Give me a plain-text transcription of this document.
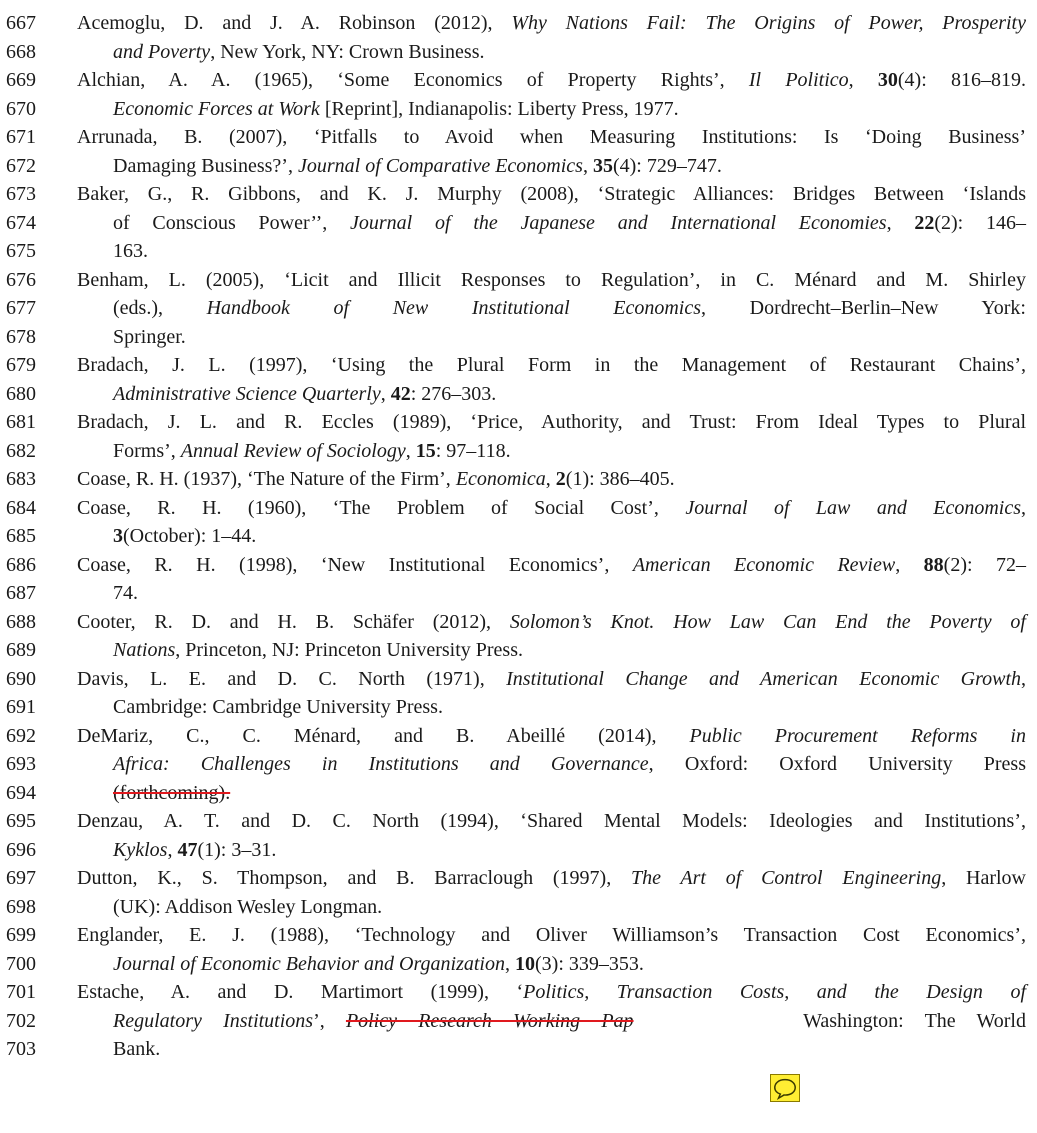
667	Acemoglu, D. and J. A. Robinson (2012), Why Nations Fail: The Origins of Power, Prosperity
668	and Poverty, New York, NY: Crown Business.
669	Alchian, A. A. (1965), ‘Some Economics of Property Rights’, Il Politico, 30(4): 816–819.
670	Economic Forces at Work [Reprint], Indianapolis: Liberty Press, 1977.
671	Arrunada, B. (2007), ‘Pitfalls to Avoid when Measuring Institutions: Is ‘Doing Business’
672	Damaging Business?’, Journal of Comparative Economics, 35(4): 729–747.
673	Baker, G., R. Gibbons, and K. J. Murphy (2008), ‘Strategic Alliances: Bridges Between ‘Islands
674	of Conscious Power’’, Journal of the Japanese and International Economies, 22(2): 146–
675	163.
676	Benham, L. (2005), ‘Licit and Illicit Responses to Regulation’, in C. Ménard and M. Shirley
677	(eds.), Handbook of New Institutional Economics, Dordrecht–Berlin–New York:
678	Springer.
679	Bradach, J. L. (1997), ‘Using the Plural Form in the Management of Restaurant Chains’,
680	Administrative Science Quarterly, 42: 276–303.
681	Bradach, J. L. and R. Eccles (1989), ‘Price, Authority, and Trust: From Ideal Types to Plural
682	Forms’, Annual Review of Sociology, 15: 97–118.
683	Coase, R. H. (1937), ‘The Nature of the Firm’, Economica, 2(1): 386–405.
684	Coase, R. H. (1960), ‘The Problem of Social Cost’, Journal of Law and Economics,
685	3(October): 1–44.
686	Coase, R. H. (1998), ‘New Institutional Economics’, American Economic Review, 88(2): 72–
687	74.
688	Cooter, R. D. and H. B. Schäfer (2012), Solomon’s Knot. How Law Can End the Poverty of
689	Nations, Princeton, NJ: Princeton University Press.
690	Davis, L. E. and D. C. North (1971), Institutional Change and American Economic Growth,
691	Cambridge: Cambridge University Press.
692	DeMariz, C., C. Ménard, and B. Abeillé (2014), Public Procurement Reforms in
693	Africa: Challenges in Institutions and Governance, Oxford: Oxford University Press
694	(forthcoming).
695	Denzau, A. T. and D. C. North (1994), ‘Shared Mental Models: Ideologies and Institutions’,
696	Kyklos, 47(1): 3–31.
697	Dutton, K., S. Thompson, and B. Barraclough (1997), The Art of Control Engineering, Harlow
698	(UK): Addison Wesley Longman.
699	Englander, E. J. (1988), ‘Technology and Oliver Williamson’s Transaction Cost Economics’,
700	Journal of Economic Behavior and Organization, 10(3): 339–353.
701	Estache, A. and D. Martimort (1999), ‘Politics, Transaction Costs, and the Design of
702	Regulatory Institutions’, Policy Research Working Pap        Washington: The World
703	Bank.
